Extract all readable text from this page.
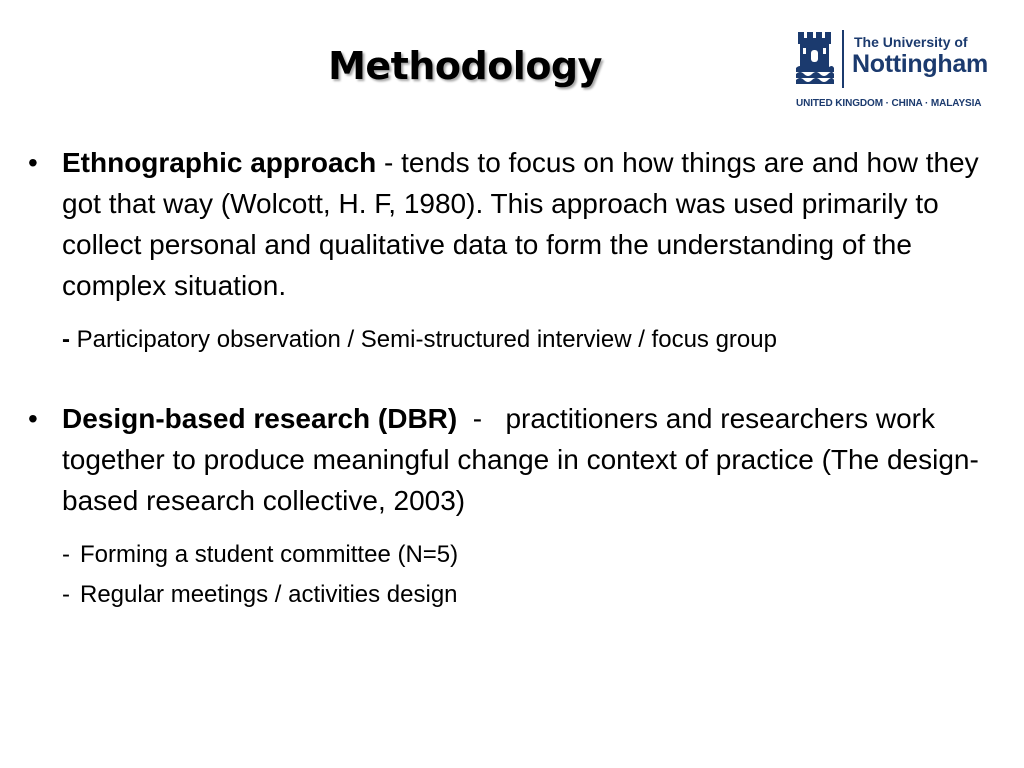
Methodology
The University of
Nottingham
UNITED KINGDOM · CHINA · MALAYSIA
• Ethnographic approach - tends to focus on how things are and how they got that way (Wolcott, H. F, 1980). This approach was used primarily to collect personal and qualitative data to form the understanding of the complex situation.
- Participatory observation / Semi-structured interview / focus group
• Design-based research (DBR)  -   practitioners and researchers work together to produce meaningful change in context of practice (The design-based research collective, 2003)
- Forming a student committee (N=5)
- Regular meetings / activities design
